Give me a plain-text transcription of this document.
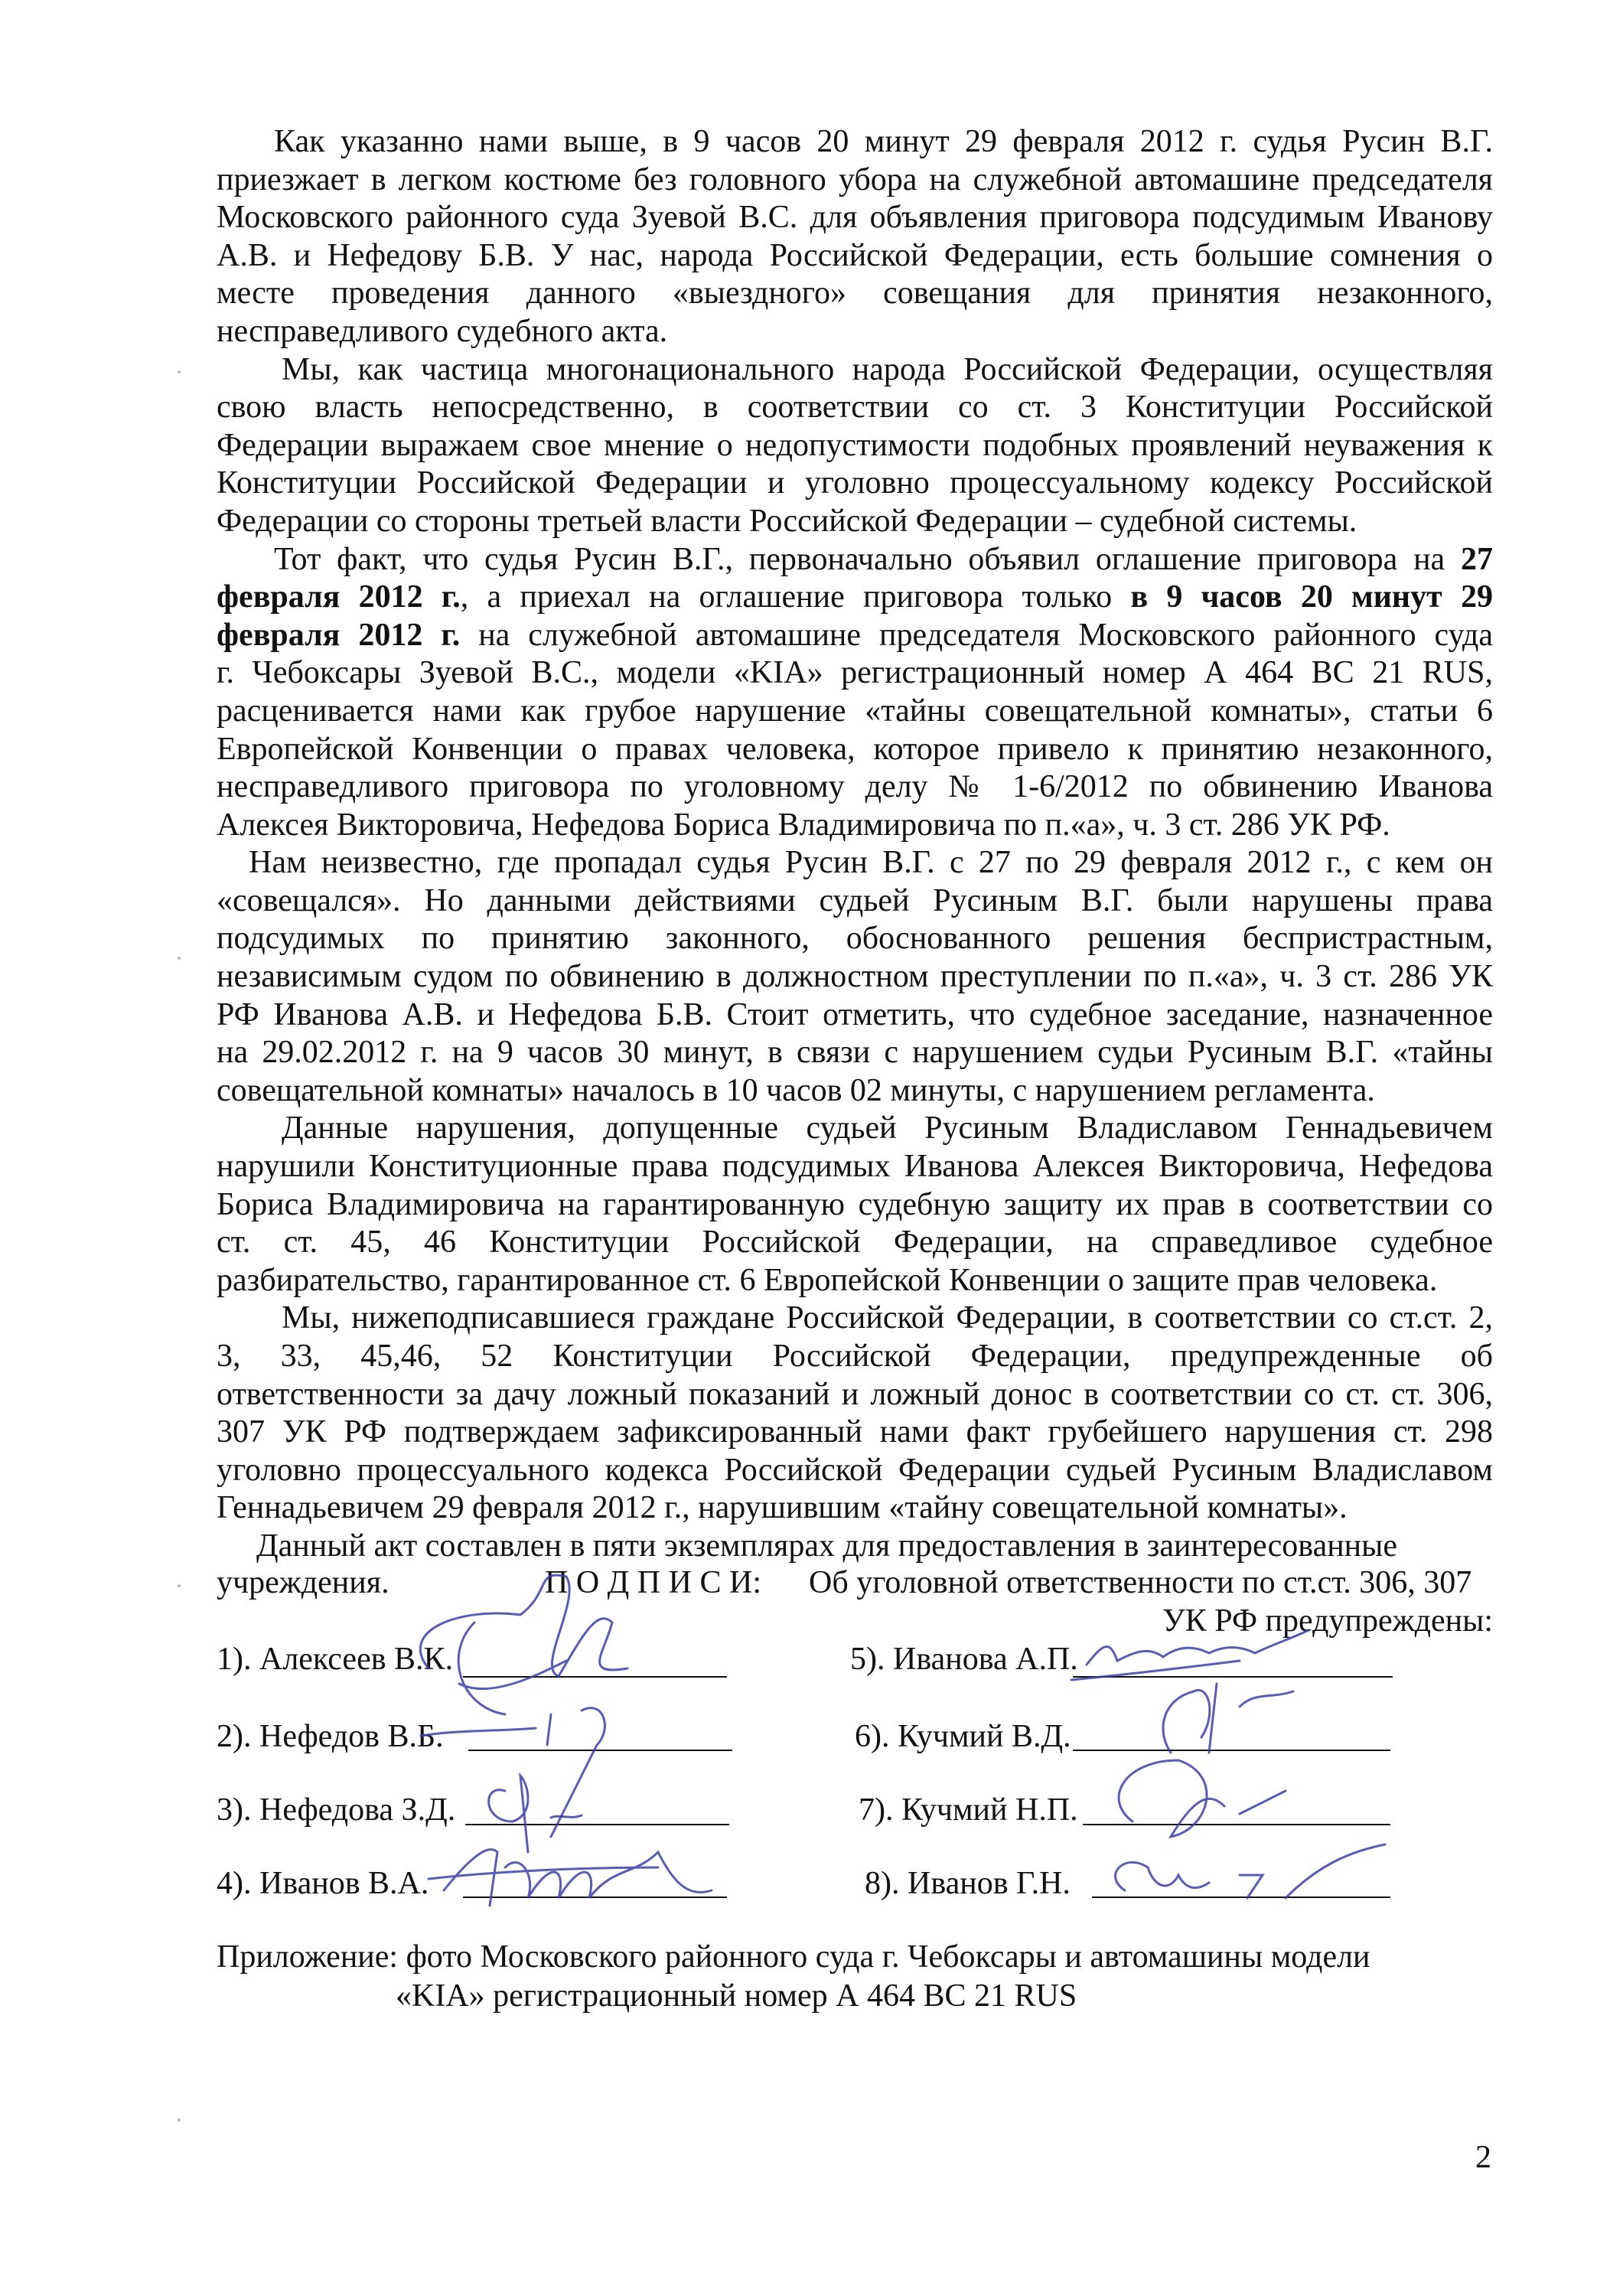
Как указанно нами выше, в 9 часов 20 минут 29 февраля 2012 г. судья Русин В.Г.
приезжает в легком костюме без головного убора на служебной автомашине председателя
Московского районного суда Зуевой В.С. для объявления приговора подсудимым Иванову
А.В. и Нефедову Б.В. У нас, народа Российской Федерации, есть большие сомнения о
месте проведения данного «выездного» совещания для принятия незаконного,
несправедливого судебного акта.
Мы, как частица многонационального народа Российской Федерации, осуществляя
свою власть непосредственно, в соответствии со ст. 3 Конституции Российской
Федерации выражаем свое мнение о недопустимости подобных проявлений неуважения к
Конституции Российской Федерации и уголовно процессуальному кодексу Российской
Федерации со стороны третьей власти Российской Федерации – судебной системы.
Тот факт, что судья Русин В.Г., первоначально объявил оглашение приговора на 27
февраля 2012 г., а приехал на оглашение приговора только в 9 часов 20 минут 29
февраля 2012 г. на служебной автомашине председателя Московского районного суда
г. Чебоксары Зуевой В.С., модели «KIA» регистрационный номер А 464 ВС 21 RUS,
расценивается нами как грубое нарушение «тайны совещательной комнаты», статьи 6
Европейской Конвенции о правах человека, которое привело к принятию незаконного,
несправедливого приговора по уголовному делу № 1-6/2012 по обвинению Иванова
Алексея Викторовича, Нефедова Бориса Владимировича по п.«а», ч. 3 ст. 286 УК РФ.
Нам неизвестно, где пропадал судья Русин В.Г. с 27 по 29 февраля 2012 г., с кем он
«совещался». Но данными действиями судьей Русиным В.Г. были нарушены права
подсудимых по принятию законного, обоснованного решения беспристрастным,
независимым судом по обвинению в должностном преступлении по п.«а», ч. 3 ст. 286 УК
РФ Иванова А.В. и Нефедова Б.В. Стоит отметить, что судебное заседание, назначенное
на 29.02.2012 г. на 9 часов 30 минут, в связи с нарушением судьи Русиным В.Г. «тайны
совещательной комнаты» началось в 10 часов 02 минуты, с нарушением регламента.
Данные нарушения, допущенные судьей Русиным Владиславом Геннадьевичем
нарушили Конституционные права подсудимых Иванова Алексея Викторовича, Нефедова
Бориса Владимировича на гарантированную судебную защиту их прав в соответствии со
ст. ст. 45, 46 Конституции Российской Федерации, на справедливое судебное
разбирательство, гарантированное ст. 6 Европейской Конвенции о защите прав человека.
Мы, нижеподписавшиеся граждане Российской Федерации, в соответствии со ст.ст. 2,
3, 33, 45,46, 52 Конституции Российской Федерации, предупрежденные об
ответственности за дачу ложный показаний и ложный донос в соответствии со ст. ст. 306,
307 УК РФ подтверждаем зафиксированный нами факт грубейшего нарушения ст. 298
уголовно процессуального кодекса Российской Федерации судьей Русиным Владиславом
Геннадьевичем 29 февраля 2012 г., нарушившим «тайну совещательной комнаты».
Данный акт составлен в пяти экземплярах для предоставления в заинтересованные
учреждения.	П О Д П И С И: Об уголовной ответственности по ст.ст. 306, 307
УК РФ предупреждены:
1). Алексеев В.К.
2). Нефедов В.Б.
3). Нефедова З.Д.
4). Иванов В.А.
5). Иванова А.П.
6). Кучмий В.Д.
7). Кучмий Н.П.
8). Иванов Г.Н.
Приложение: фото Московского районного суда г. Чебоксары и автомашины модели
«KIA» регистрационный номер А 464 ВС 21 RUS
2
